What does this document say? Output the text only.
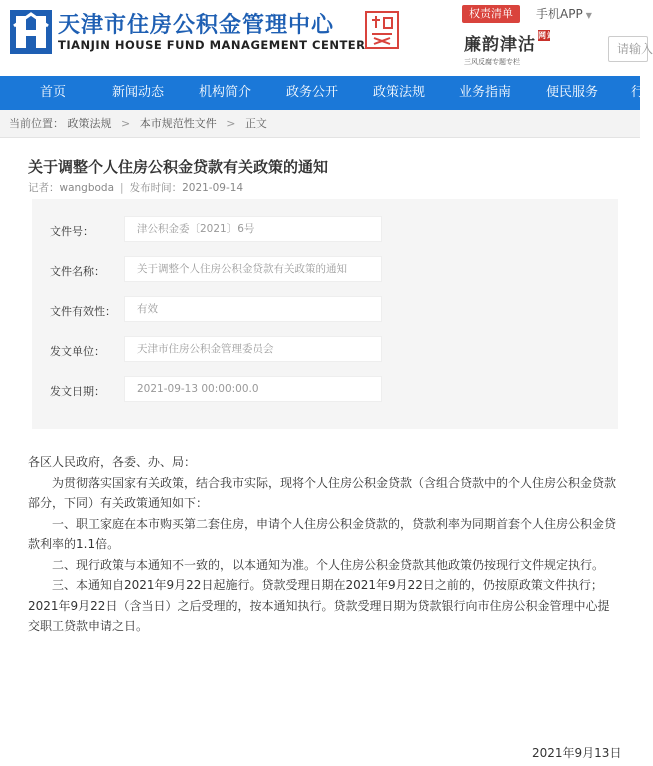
天津市住房公积金管理中心
TIANJIN HOUSE FUND MANAGEMENT CENTER
权责清单	手机APP ▼
廉韵津沽 网站
三风反腐专题专栏
请输入
首页	新闻动态	机构简介	政务公开	政策法规	业务指南	便民服务	行
当前位置： 政策法规 > 本市规范性文件 > 正文
关于调整个人住房公积金贷款有关政策的通知
记者：wangboda | 发布时间：2021-09-14
文件号：	津公积金委〔2021〕6号
文件名称：	关于调整个人住房公积金贷款有关政策的通知
文件有效性：	有效
发文单位：	天津市住房公积金管理委员会
发文日期：	2021-09-13 00:00:00.0

各区人民政府，各委、办、局：

为贯彻落实国家有关政策，结合我市实际，现将个人住房公积金贷款（含组合贷款中的个人住房公积金贷款部分，下同）有关政策通知如下：

一、职工家庭在本市购买第二套住房，申请个人住房公积金贷款的，贷款利率为同期首套个人住房公积金贷款利率的1.1倍。

二、现行政策与本通知不一致的，以本通知为准。个人住房公积金贷款其他政策仍按现行文件规定执行。

三、本通知自2021年9月22日起施行。贷款受理日期在2021年9月22日之前的，仍按原政策文件执行；2021年9月22日（含当日）之后受理的，按本通知执行。贷款受理日期为贷款银行向市住房公积金管理中心提交职工贷款申请之日。

2021年9月13日
